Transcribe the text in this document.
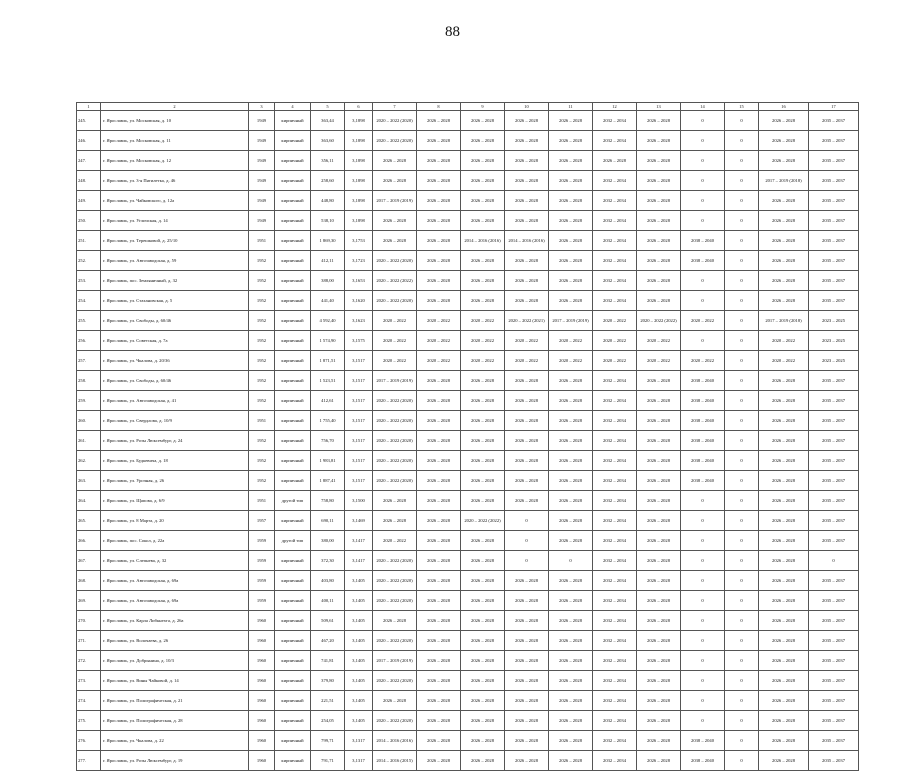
88
1	2	3	4	5	6	7	8	9	10	11	12	13	14	15	16	17
245.	г. Ярославль, ул. Московская, д. 10	1949	кирпичный	363,44	3,1898	2020 – 2022 (2020)	2026 – 2028	2026 – 2028	2026 – 2028	2026 – 2028	2032 – 2034	2026 – 2028	0	0	2026 – 2028	2035 – 2037
246.	г. Ярославль, ул. Московская, д. 11	1949	кирпичный	363,60	3,1898	2020 – 2022 (2020)	2026 – 2028	2026 – 2028	2026 – 2028	2026 – 2028	2032 – 2034	2026 – 2028	0	0	2026 – 2028	2035 – 2037
247.	г. Ярославль, ул. Московская, д. 12	1949	кирпичный	356,11	3,1898	2026 – 2028	2026 – 2028	2026 – 2028	2026 – 2028	2026 – 2028	2026 – 2028	2026 – 2028	0	0	2026 – 2028	2035 – 2037
248.	г. Ярославль, ул. 3-я Пятилетка, д. 46	1949	кирпичный	258,60	3,1898	2026 – 2028	2026 – 2028	2026 – 2028	2026 – 2028	2026 – 2028	2032 – 2034	2026 – 2028	0	0	2017 – 2019 (2018)	2035 – 2037
249.	г. Ярославль, ул. Чайковского, д. 12а	1949	кирпичный	448,80	3,1898	2017 – 2019 (2019)	2026 – 2028	2026 – 2028	2026 – 2028	2026 – 2028	2032 – 2034	2026 – 2028	0	0	2026 – 2028	2035 – 2037
250.	г. Ярославль, ул. Угличская, д. 14	1949	кирпичный	538,10	3,1898	2026 – 2028	2026 – 2028	2026 – 2028	2026 – 2028	2026 – 2028	2032 – 2034	2026 – 2028	0	0	2026 – 2028	2035 – 2037
251.	г. Ярославль, ул. Терешковой, д. 25/10	1951	кирпичный	1 869,30	3,1753	2026 – 2028	2026 – 2028	2014 – 2016 (2016)	2014 – 2016 (2016)	2026 – 2028	2032 – 2034	2026 – 2028	2038 – 2040	0	2026 – 2028	2035 – 2037
252.	г. Ярославль, ул. Автозаводская, д. 59	1952	кирпичный	412,11	3,1723	2020 – 2022 (2020)	2026 – 2028	2026 – 2028	2026 – 2028	2026 – 2028	2032 – 2034	2026 – 2028	2038 – 2040	0	2026 – 2028	2035 – 2037
253.	г. Ярославль, пос. Земляничный, д. 32	1952	кирпичный	388,00	3,1653	2020 – 2022 (2022)	2026 – 2028	2026 – 2028	2026 – 2028	2026 – 2028	2032 – 2034	2026 – 2028	0	0	2026 – 2028	2035 – 2037
254.	г. Ярославль, ул. Стахановская, д. 5	1952	кирпичный	441,40	3,1620	2020 – 2022 (2020)	2026 – 2028	2026 – 2028	2026 – 2028	2026 – 2028	2032 – 2034	2026 – 2028	0	0	2026 – 2028	2035 – 2037
255.	г. Ярославль, ул. Свободы, д. 60/46	1952	кирпичный	4 592,40	3,1623	2020 – 2022	2020 – 2022	2020 – 2022	2020 – 2022 (2021)	2017 – 2019 (2019)	2020 – 2022	2020 – 2022 (2022)	2020 – 2022	0	2017 – 2019 (2018)	2023 – 2025
256.	г. Ярославль, ул. Советская, д. 7а	1952	кирпичный	1 574,90	3,1575	2020 – 2022	2020 – 2022	2020 – 2022	2020 – 2022	2020 – 2022	2020 – 2022	2020 – 2022	0	0	2020 – 2022	2023 – 2025
257.	г. Ярославль, ул. Чкалова, д. 20/36	1952	кирпичный	1 871,51	3,1517	2020 – 2022	2020 – 2022	2020 – 2022	2020 – 2022	2020 – 2022	2020 – 2022	2020 – 2022	2020 – 2022	0	2020 – 2022	2023 – 2025
258.	г. Ярославль, ул. Свободы, д. 60/46	1952	кирпичный	1 523,51	3,1517	2017 – 2019 (2019)	2026 – 2028	2026 – 2028	2026 – 2028	2026 – 2028	2032 – 2034	2026 – 2028	2038 – 2040	0	2026 – 2028	2035 – 2037
259.	г. Ярославль, ул. Автозаводская, д. 41	1952	кирпичный	412,61	3,1517	2020 – 2022 (2020)	2026 – 2028	2026 – 2028	2026 – 2028	2026 – 2028	2032 – 2034	2026 – 2028	2038 – 2040	0	2026 – 2028	2035 – 2037
260.	г. Ярославль, ул. Свердлова, д. 10/9	1951	кирпичный	1 755,40	3,1517	2020 – 2022 (2020)	2026 – 2028	2026 – 2028	2026 – 2028	2026 – 2028	2032 – 2034	2026 – 2028	2038 – 2040	0	2026 – 2028	2035 – 2037
261.	г. Ярославль, ул. Розы Люксембург, д. 24	1952	кирпичный	756,70	3,1517	2020 – 2022 (2020)	2026 – 2028	2026 – 2028	2026 – 2028	2026 – 2028	2032 – 2034	2026 – 2028	2038 – 2040	0	2026 – 2028	2035 – 2037
262.	г. Ярославль, ул. Будкевича, д. 18	1952	кирпичный	1 983,81	3,1517	2020 – 2022 (2020)	2026 – 2028	2026 – 2028	2026 – 2028	2026 – 2028	2032 – 2034	2026 – 2028	2038 – 2040	0	2026 – 2028	2035 – 2037
263.	г. Ярославль, ул. Урочная, д. 26	1952	кирпичный	1 887,41	3,1517	2020 – 2022 (2020)	2026 – 2028	2026 – 2028	2026 – 2028	2026 – 2028	2032 – 2034	2026 – 2028	2038 – 2040	0	2026 – 2028	2035 – 2037
264.	г. Ярославль, ул. Щапова, д. 6/9	1951	другой тип	758,80	3,1500	2026 – 2028	2026 – 2028	2026 – 2028	2026 – 2028	2026 – 2028	2032 – 2034	2026 – 2028	0	0	2026 – 2028	2035 – 2037
265.	г. Ярославль, ул. 8 Марта, д. 20	1957	кирпичный	690,11	3,1469	2026 – 2028	2026 – 2028	2020 – 2022 (2022)	0	2026 – 2028	2032 – 2034	2026 – 2028	0	0	2026 – 2028	2035 – 2037
266.	г. Ярославль, пос. Сокол, д. 22а	1959	другой тип	380,00	3,1417	2020 – 2022	2026 – 2028	2026 – 2028	0	2026 – 2028	2032 – 2034	2026 – 2028	0	0	2026 – 2028	2035 – 2037
267.	г. Ярославль, ул. Слепнева, д. 32	1959	кирпичный	372,30	3,1417	2020 – 2022 (2020)	2026 – 2028	2026 – 2028	0	0	2032 – 2034	2026 – 2028	0	0	2026 – 2028	0
268.	г. Ярославль, ул. Автозаводская, д. 69а	1959	кирпичный	403,80	3,1405	2020 – 2022 (2020)	2026 – 2028	2026 – 2028	2026 – 2028	2026 – 2028	2032 – 2034	2026 – 2028	0	0	2026 – 2028	2035 – 2037
269.	г. Ярославль, ул. Автозаводская, д. 69а	1959	кирпичный	400,11	3,1405	2020 – 2022 (2020)	2026 – 2028	2026 – 2028	2026 – 2028	2026 – 2028	2032 – 2034	2026 – 2028	0	0	2026 – 2028	2035 – 2037
270.	г. Ярославль, ул. Карла Либкнехта, д. 26а	1960	кирпичный	509,61	3,1405	2026 – 2028	2026 – 2028	2026 – 2028	2026 – 2028	2026 – 2028	2032 – 2034	2026 – 2028	0	0	2026 – 2028	2035 – 2037
271.	г. Ярославль, ул. Волочаева, д. 26	1960	кирпичный	467,20	3,1405	2020 – 2022 (2020)	2026 – 2028	2026 – 2028	2026 – 2028	2026 – 2028	2032 – 2034	2026 – 2028	0	0	2026 – 2028	2035 – 2037
272.	г. Ярославль, ул. Добрынина, д. 10/3	1960	кирпичный	741,81	3,1405	2017 – 2019 (2019)	2026 – 2028	2026 – 2028	2026 – 2028	2026 – 2028	2032 – 2034	2026 – 2028	0	0	2026 – 2028	2035 – 2037
273.	г. Ярославль, ул. Вины Чайковой, д. 14	1960	кирпичный	379,80	3,1405	2020 – 2022 (2020)	2026 – 2028	2026 – 2028	2026 – 2028	2026 – 2028	2032 – 2034	2026 – 2028	0	0	2026 – 2028	2035 – 2037
274.	г. Ярославль, ул. Полиграфическая, д. 21	1960	кирпичный	221,51	3,1405	2026 – 2028	2026 – 2028	2026 – 2028	2026 – 2028	2026 – 2028	2032 – 2034	2026 – 2028	0	0	2026 – 2028	2035 – 2037
275.	г. Ярославль, ул. Полиграфическая, д. 28	1960	кирпичный	254,05	3,1405	2020 – 2022 (2020)	2026 – 2028	2026 – 2028	2026 – 2028	2026 – 2028	2032 – 2034	2026 – 2028	0	0	2026 – 2028	2035 – 2037
276.	г. Ярославль, ул. Чкалова, д. 22	1960	кирпичный	799,71	3,1317	2014 – 2016 (2016)	2026 – 2028	2026 – 2028	2026 – 2028	2026 – 2028	2032 – 2034	2026 – 2028	2038 – 2040	0	2026 – 2028	2035 – 2037
277.	г. Ярославль, ул. Розы Люксембург, д. 19	1960	кирпичный	791,71	3,1317	2014 – 2016 (2015)	2026 – 2028	2026 – 2028	2026 – 2028	2026 – 2028	2032 – 2034	2026 – 2028	2038 – 2040	0	2026 – 2028	2035 – 2037
